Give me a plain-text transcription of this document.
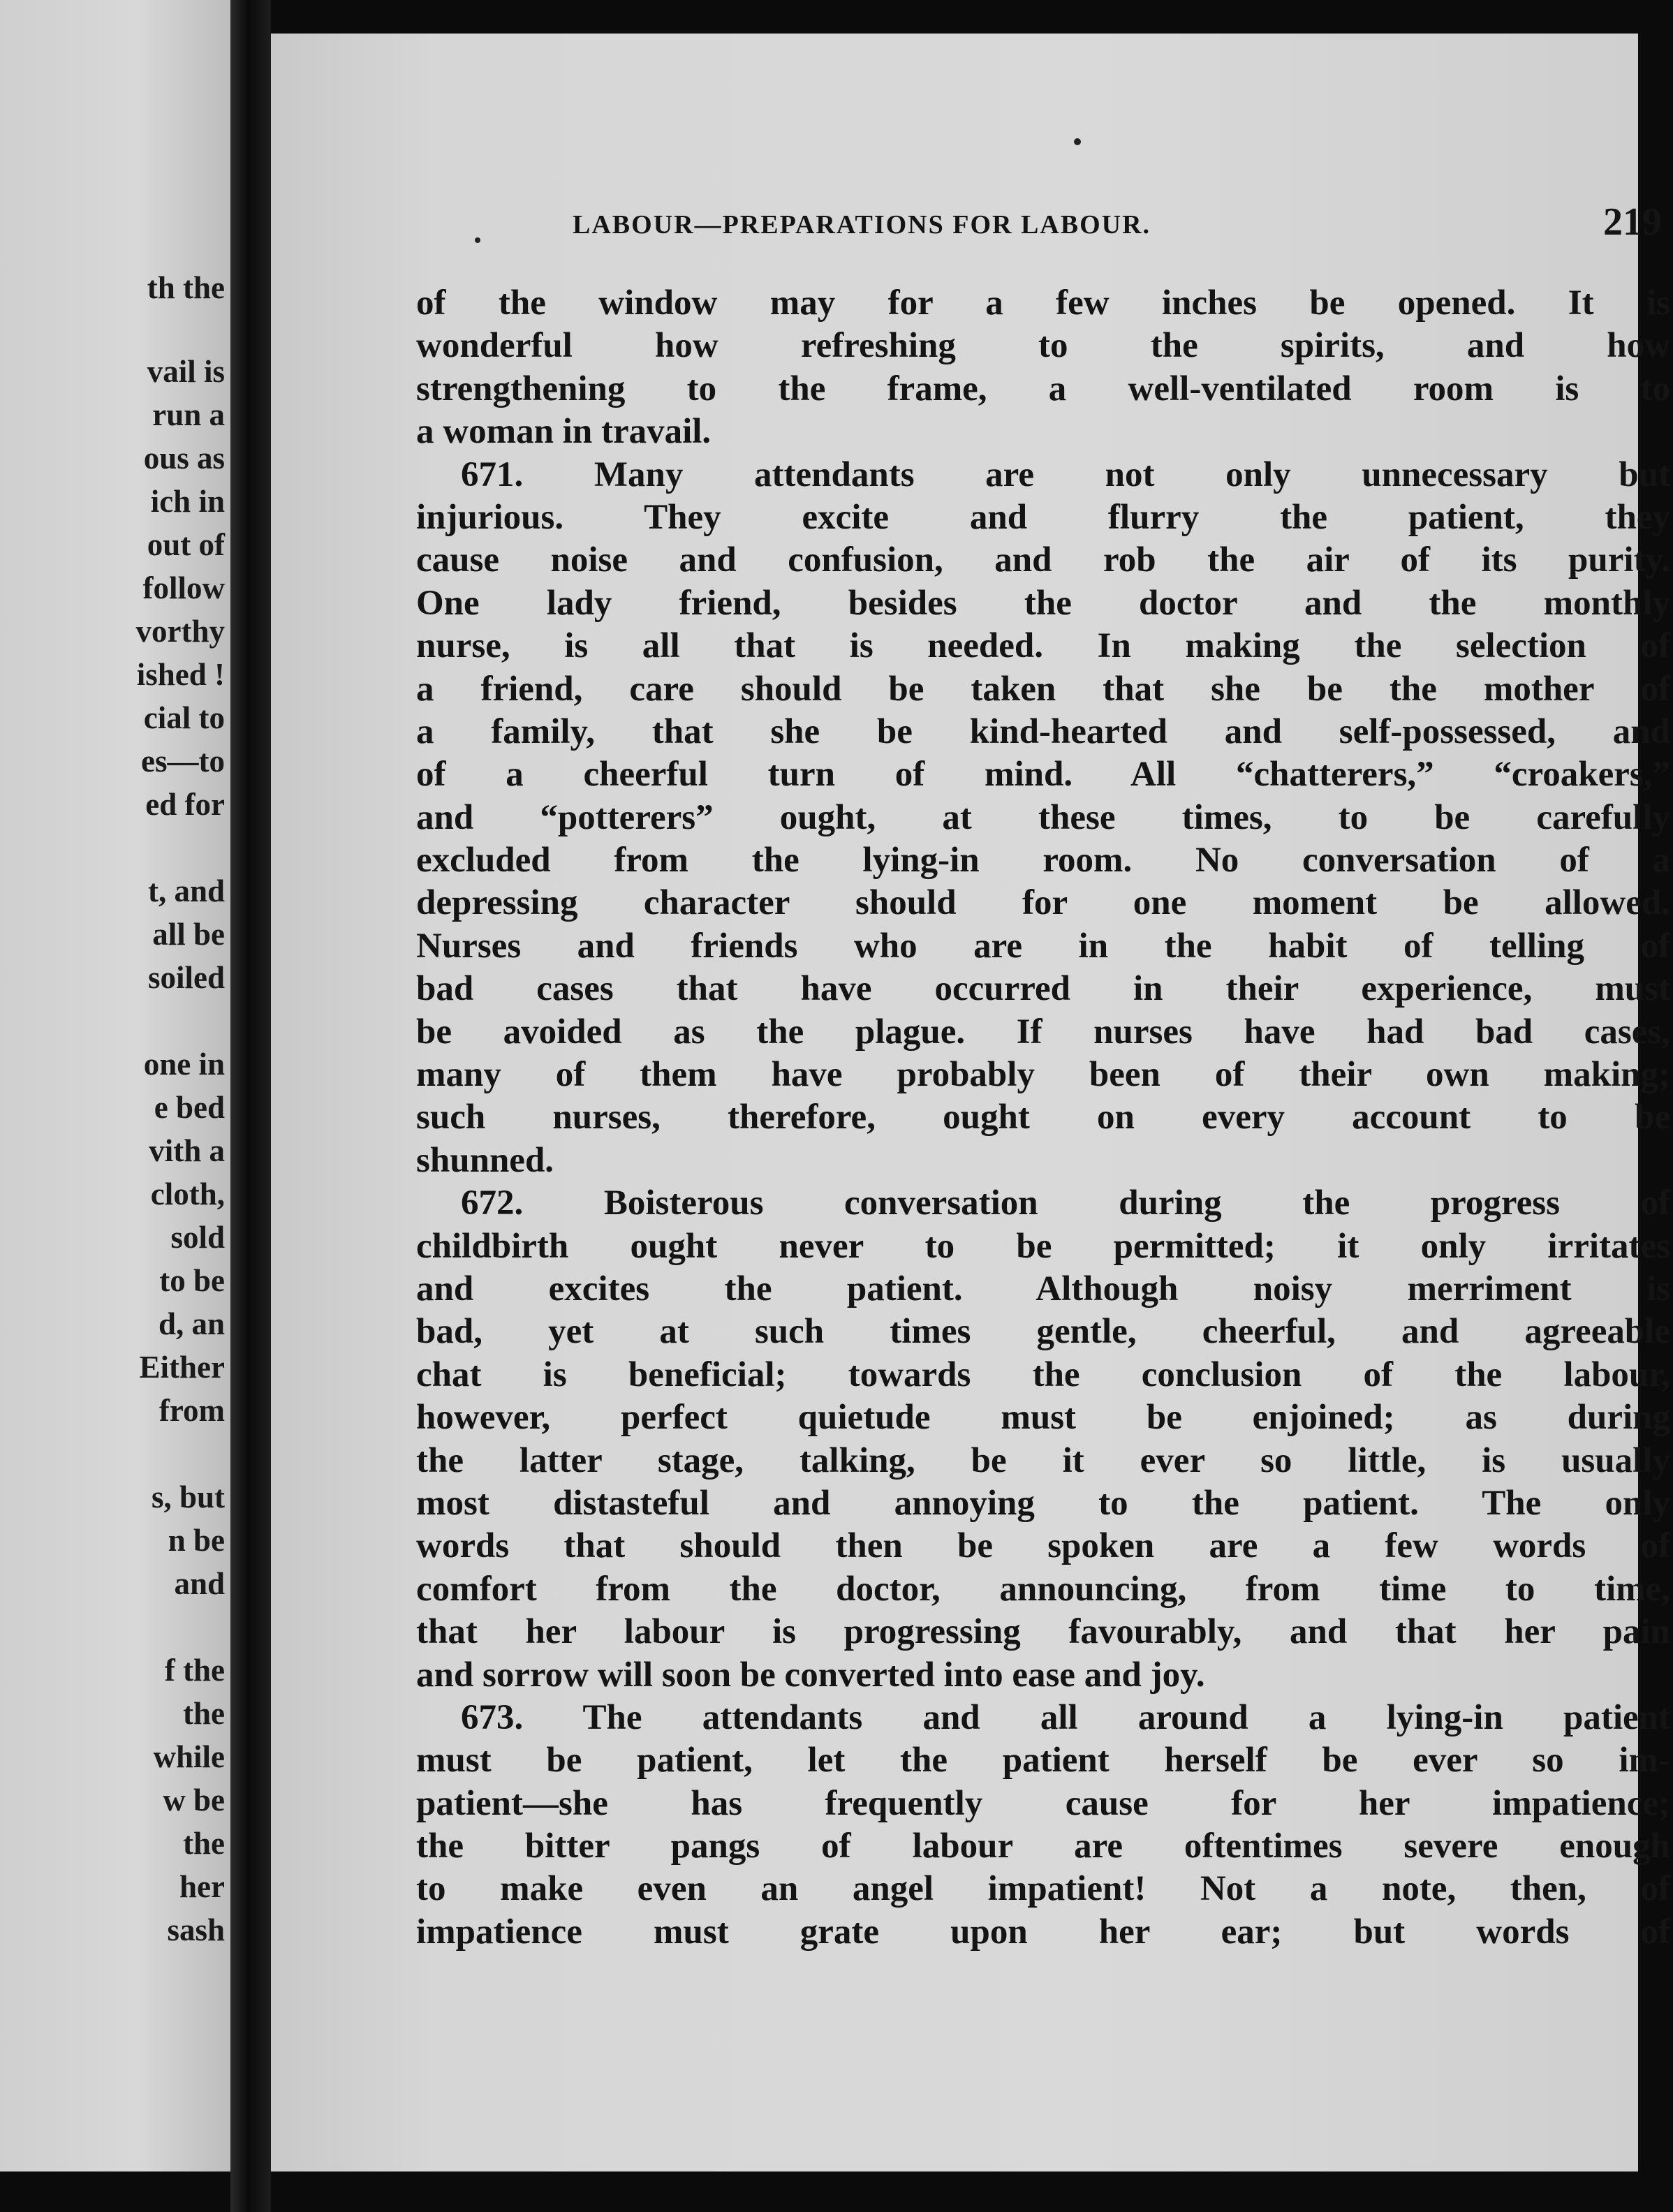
th the
vail is
run a
ous as
ich in
out of
follow
vorthy
ished !
cial to
es—to
ed for
t, and
all be
soiled
one in
e bed
vith a
cloth,
sold
to be
d, an
Either
from
s, but
n be
and
f the
the
while
w be
the
her
sash
LABOUR—PREPARATIONS FOR LABOUR.	219
of the window may for a few inches be opened. It is
wonderful how refreshing to the spirits, and how
strengthening to the frame, a well-ventilated room is to
a woman in travail.
671. Many attendants are not only unnecessary but
injurious. They excite and flurry the patient, they
cause noise and confusion, and rob the air of its purity.
One lady friend, besides the doctor and the monthly
nurse, is all that is needed. In making the selection of
a friend, care should be taken that she be the mother of
a family, that she be kind-hearted and self-possessed, and
of a cheerful turn of mind. All “chatterers,” “croakers,”
and “potterers” ought, at these times, to be carefully
excluded from the lying-in room. No conversation of a
depressing character should for one moment be allowed.
Nurses and friends who are in the habit of telling of
bad cases that have occurred in their experience, must
be avoided as the plague. If nurses have had bad cases,
many of them have probably been of their own making;
such nurses, therefore, ought on every account to be
shunned.
672. Boisterous conversation during the progress of
childbirth ought never to be permitted; it only irritates
and excites the patient. Although noisy merriment is
bad, yet at such times gentle, cheerful, and agreeable
chat is beneficial; towards the conclusion of the labour,
however, perfect quietude must be enjoined; as during
the latter stage, talking, be it ever so little, is usually
most distasteful and annoying to the patient. The only
words that should then be spoken are a few words of
comfort from the doctor, announcing, from time to time,
that her labour is progressing favourably, and that her pain
and sorrow will soon be converted into ease and joy.
673. The attendants and all around a lying-in patient
must be patient, let the patient herself be ever so im-
patient—she has frequently cause for her impatience;
the bitter pangs of labour are oftentimes severe enough
to make even an angel impatient! Not a note, then, of
impatience must grate upon her ear; but words of
